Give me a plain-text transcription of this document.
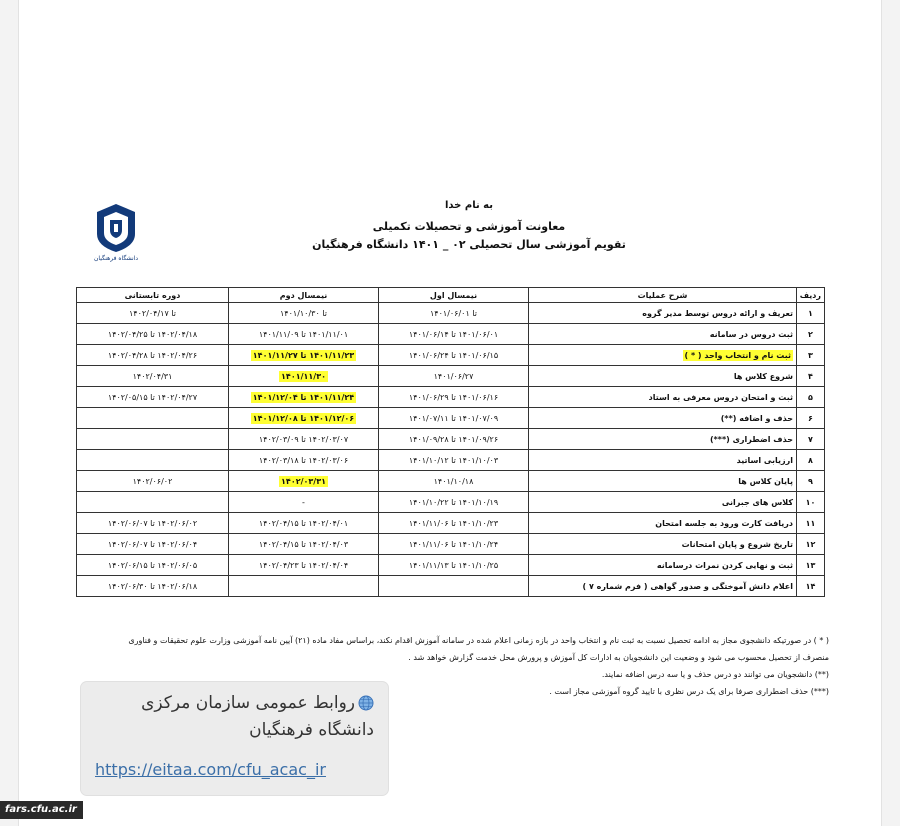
دانشگاه فرهنگیان
به نام خدا
معاونت آموزشی و تحصیلات تکمیلی
تقویم آموزشی سال تحصیلی ۰۲ _ ۱۴۰۱ دانشگاه فرهنگیان
ردیف	شرح عملیات	نیمسال اول	نیمسال دوم	دوره تابستانی
۱	تعریف و ارائه دروس توسط مدیر گروه	تا ۱۴۰۱/۰۶/۰۱	تا ۱۴۰۱/۱۰/۳۰	تا ۱۴۰۲/۰۴/۱۷
۲	ثبت دروس در سامانه	۱۴۰۱/۰۶/۰۱ تا ۱۴۰۱/۰۶/۱۴	۱۴۰۱/۱۱/۰۱ تا ۱۴۰۱/۱۱/۰۹	۱۴۰۲/۰۴/۱۸ تا ۱۴۰۲/۰۴/۲۵
۳	ثبت نام و انتخاب واحد ( * )	۱۴۰۱/۰۶/۱۵ تا ۱۴۰۱/۰۶/۲۴	۱۴۰۱/۱۱/۲۳ تا ۱۴۰۱/۱۱/۲۷	۱۴۰۲/۰۴/۲۶ تا ۱۴۰۲/۰۴/۲۸
۴	شروع کلاس ها	۱۴۰۱/۰۶/۲۷	۱۴۰۱/۱۱/۳۰	۱۴۰۲/۰۴/۳۱
۵	ثبت و امتحان دروس معرفی به استاد	۱۴۰۱/۰۶/۱۶ تا ۱۴۰۱/۰۶/۲۹	۱۴۰۱/۱۱/۲۴ تا ۱۴۰۱/۱۲/۰۴	۱۴۰۲/۰۴/۲۷ تا ۱۴۰۲/۰۵/۱۵
۶	حذف و اضافه (**)	۱۴۰۱/۰۷/۰۹ تا ۱۴۰۱/۰۷/۱۱	۱۴۰۱/۱۲/۰۶ تا ۱۴۰۱/۱۲/۰۸	
۷	حذف اضطراری (***)	۱۴۰۱/۰۹/۲۶ تا ۱۴۰۱/۰۹/۲۸	۱۴۰۲/۰۳/۰۷ تا ۱۴۰۲/۰۳/۰۹	
۸	ارزیابی اساتید	۱۴۰۱/۱۰/۰۳ تا ۱۴۰۱/۱۰/۱۲	۱۴۰۲/۰۳/۰۶ تا ۱۴۰۲/۰۳/۱۸	
۹	پایان کلاس ها	۱۴۰۱/۱۰/۱۸	۱۴۰۲/۰۳/۳۱	۱۴۰۲/۰۶/۰۲
۱۰	کلاس های جبرانی	۱۴۰۱/۱۰/۱۹ تا ۱۴۰۱/۱۰/۲۲	-	
۱۱	دریافت کارت ورود به جلسه امتحان	۱۴۰۱/۱۰/۲۳ تا ۱۴۰۱/۱۱/۰۶	۱۴۰۲/۰۴/۰۱ تا ۱۴۰۲/۰۴/۱۵	۱۴۰۲/۰۶/۰۲ تا ۱۴۰۲/۰۶/۰۷
۱۲	تاریخ شروع و پایان امتحانات	۱۴۰۱/۱۰/۲۴ تا ۱۴۰۱/۱۱/۰۶	۱۴۰۲/۰۴/۰۳ تا ۱۴۰۲/۰۴/۱۵	۱۴۰۲/۰۶/۰۴ تا ۱۴۰۲/۰۶/۰۷
۱۳	ثبت و نهایی کردن نمرات درسامانه	۱۴۰۱/۱۰/۲۵ تا ۱۴۰۱/۱۱/۱۳	۱۴۰۲/۰۴/۰۴ تا ۱۴۰۲/۰۴/۲۳	۱۴۰۲/۰۶/۰۵ تا ۱۴۰۲/۰۶/۱۵
۱۴	اعلام دانش آموختگی و صدور گواهی ( فرم شماره ۷ )			۱۴۰۲/۰۶/۱۸ تا ۱۴۰۲/۰۶/۳۰

( * ) در صورتیکه دانشجوی مجاز به ادامه تحصیل نسبت به ثبت نام و انتخاب واحد در بازه زمانی اعلام شده در سامانه آموزش اقدام نکند، براساس مفاد ماده (۲۱) آیین نامه آموزشی وزارت علوم تحقیقات و فناوری

منصرف از تحصیل محسوب می شود و وضعیت این دانشجویان به ادارات کل آموزش و پرورش محل خدمت گزارش خواهد شد .

(**) دانشجویان می توانند دو درس حذف و یا سه درس اضافه نمایند.

(***) حذف اضطراری صرفا برای یک درس نظری با تایید گروه آموزشی مجاز است .

روابط عمومی سازمان مرکزی دانشگاه فرهنگیان
https://eitaa.com/cfu_acac_ir
fars.cfu.ac.ir
